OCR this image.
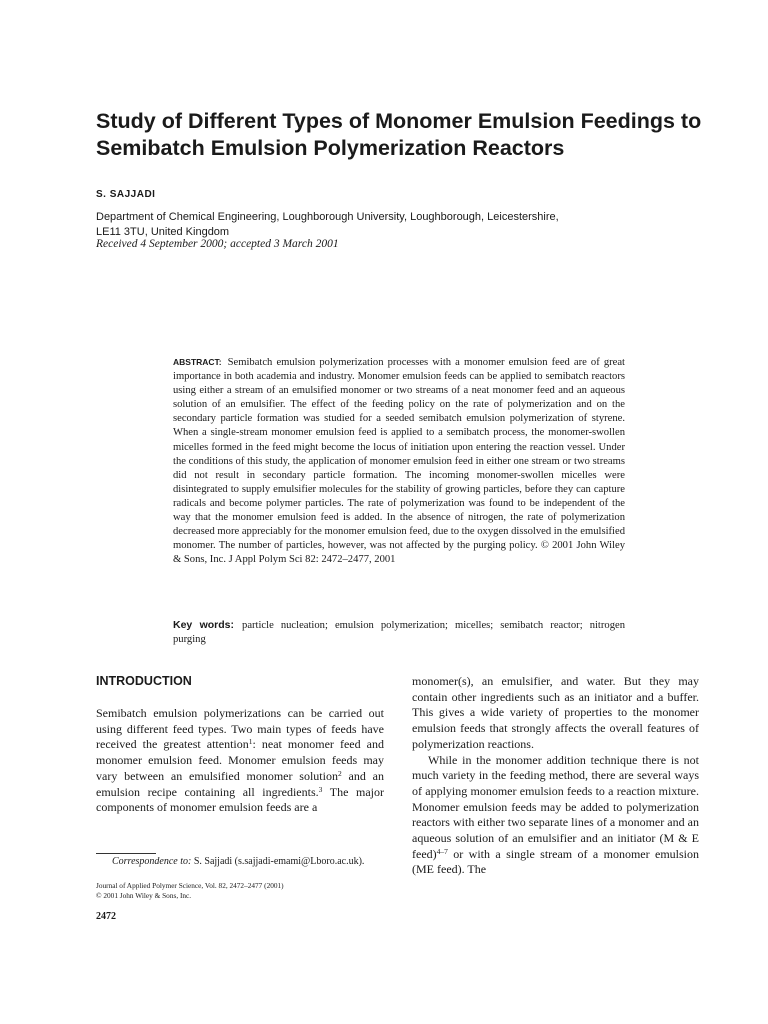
Study of Different Types of Monomer Emulsion Feedings to
Semibatch Emulsion Polymerization Reactors
S. SAJJADI
Department of Chemical Engineering, Loughborough University, Loughborough, Leicestershire,
LE11 3TU, United Kingdom
Received 4 September 2000; accepted 3 March 2001

ABSTRACT: Semibatch emulsion polymerization processes with a monomer emulsion feed are of great importance in both academia and industry. Monomer emulsion feeds can be applied to semibatch reactors using either a stream of an emulsified monomer or two streams of a neat monomer feed and an aqueous solution of an emulsifier. The effect of the feeding policy on the rate of polymerization and on the secondary particle formation was studied for a seeded semibatch emulsion polymerization of styrene. When a single-stream monomer emulsion feed is applied to a semibatch process, the monomer-swollen micelles formed in the feed might become the locus of initiation upon entering the reaction vessel. Under the conditions of this study, the application of monomer emulsion feed in either one stream or two streams did not result in secondary particle formation. The incoming monomer-swollen micelles were disintegrated to supply emulsifier molecules for the stability of growing particles, before they can capture radicals and become polymer particles. The rate of polymerization was found to be independent of the way that the monomer emulsion feed is added. In the absence of nitrogen, the rate of polymerization decreased more appreciably for the monomer emulsion feed, due to the oxygen dissolved in the emulsified monomer. The number of particles, however, was not affected by the purging policy. © 2001 John Wiley & Sons, Inc. J Appl Polym Sci 82: 2472–2477, 2001

Key words: particle nucleation; emulsion polymerization; micelles; semibatch reactor; nitrogen purging

INTRODUCTION

Semibatch emulsion polymerizations can be carried out using different feed types. Two main types of feeds have received the greatest attention$^1$: neat monomer feed and monomer emulsion feed. Monomer emulsion feeds may vary between an emulsified monomer solution$^2$ and an emulsion recipe containing all ingredients.$^3$ The major components of monomer emulsion feeds are a

monomer(s), an emulsifier, and water. But they may contain other ingredients such as an initiator and a buffer. This gives a wide variety of properties to the monomer emulsion feeds that strongly affects the overall features of polymerization reactions.

While in the monomer addition technique there is not much variety in the feeding method, there are several ways of applying monomer emulsion feeds to a reaction mixture. Monomer emulsion feeds may be added to polymerization reactors with either two separate lines of a monomer and an aqueous solution of an emulsifier and an initiator (M & E feed)$^{4-7}$ or with a single stream of a monomer emulsion (ME feed). The

Correspondence to: S. Sajjadi (s.sajjadi-emami@Lboro.ac.uk).

Journal of Applied Polymer Science, Vol. 82, 2472–2477 (2001)
© 2001 John Wiley & Sons, Inc.
2472
